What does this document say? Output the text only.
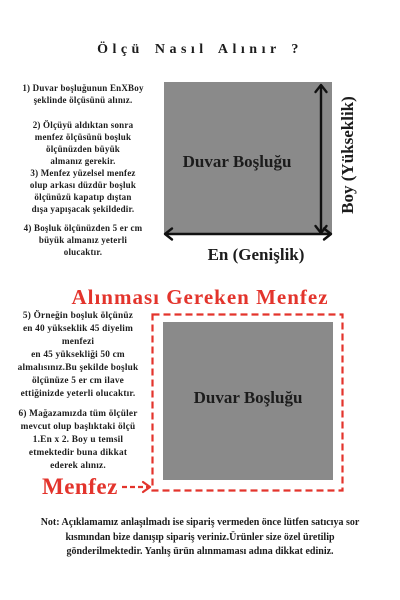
Ölçü Nasıl Alınır ?
1) Duvar boşluğunun EnXBoy
şeklinde ölçüsünü alınız.
2) Ölçüyü aldıktan sonra
menfez ölçüsünü boşluk
ölçünüzden büyük
almanız gerekir.
3) Menfez yüzelsel menfez
olup arkası düzdür boşluk
ölçünüzü kapatıp dıştan
dışa yapışacak şekildedir.
4) Boşluk ölçünüzden 5 er cm
büyük almanız yeterli
olucaktır.
Duvar Boşluğu	Boy (Yükseklik)
En (Genişlik)
Alınması Gereken Menfez
5) Örneğin boşluk ölçünüz
en 40 yükseklik 45 diyelim
menfezi
en 45 yüksekliği 50 cm
almalısınız.Bu şekilde boşluk
ölçünüze 5 er cm ilave
ettiğinizde yeterli olucaktır.
6) Mağazamızda tüm ölçüler
mevcut olup başlıktaki ölçü
1.En x 2. Boy u temsil
etmektedir buna dikkat
ederek alınız.
Duvar Boşluğu
Menfez
Not: Açıklamamız anlaşılmadı ise sipariş vermeden önce lütfen satıcıya sor
kısmından bize danışıp sipariş veriniz.Ürünler size özel üretilip
gönderilmektedir. Yanlış ürün alınmaması adına dikkat ediniz.
